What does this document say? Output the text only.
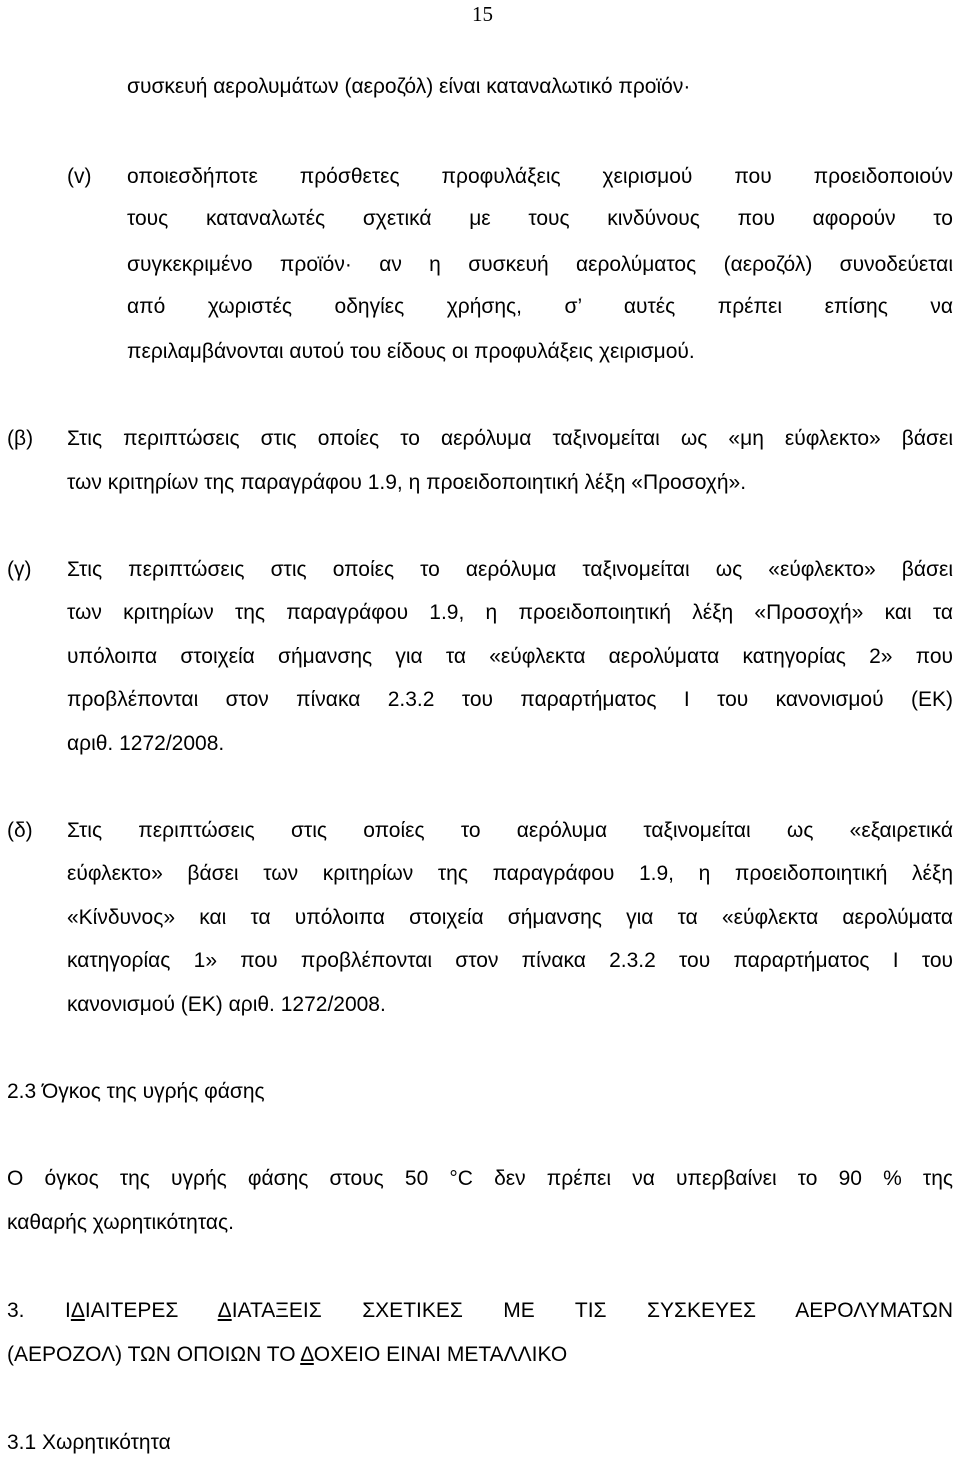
15
συσκευή αερολυμάτων (αεροζόλ) είναι καταναλωτικό προϊόν·
(v) οποιεσδήποτε πρόσθετες προφυλάξεις χειρισμού που προειδοποιούν
τους καταναλωτές σχετικά με τους κινδύνους που αφορούν το
συγκεκριμένο προϊόν· αν η συσκευή αερολύματος (αεροζόλ) συνοδεύεται
από χωριστές οδηγίες χρήσης, σ’ αυτές πρέπει επίσης να
περιλαμβάνονται αυτού του είδους οι προφυλάξεις χειρισμού.
(β) Στις περιπτώσεις στις οποίες το αερόλυμα ταξινομείται ως «μη εύφλεκτο» βάσει
των κριτηρίων της παραγράφου 1.9, η προειδοποιητική λέξη «Προσοχή».
(γ) Στις περιπτώσεις στις οποίες το αερόλυμα ταξινομείται ως «εύφλεκτο» βάσει
των κριτηρίων της παραγράφου 1.9, η προειδοποιητική λέξη «Προσοχή» και τα
υπόλοιπα στοιχεία σήμανσης για τα «εύφλεκτα αερολύματα κατηγορίας 2» που
προβλέπονται στον πίνακα 2.3.2 του παραρτήματος Ι του κανονισμού (ΕΚ)
αριθ. 1272/2008.
(δ) Στις περιπτώσεις στις οποίες το αερόλυμα ταξινομείται ως «εξαιρετικά
εύφλεκτο» βάσει των κριτηρίων της παραγράφου 1.9, η προειδοποιητική λέξη
«Κίνδυνος» και τα υπόλοιπα στοιχεία σήμανσης για τα «εύφλεκτα αερολύματα
κατηγορίας 1» που προβλέπονται στον πίνακα 2.3.2 του παραρτήματος Ι του
κανονισμού (ΕΚ) αριθ. 1272/2008.
2.3 Όγκος της υγρής φάσης
Ο όγκος της υγρής φάσης στους 50 °C δεν πρέπει να υπερβαίνει το 90 % της
καθαρής χωρητικότητας.
3. ΙΔΙΑΙΤΕΡΕΣ ΔΙΑΤΑΞΕΙΣ ΣΧΕΤΙΚΕΣ ΜΕ ΤΙΣ ΣΥΣΚΕΥΕΣ ΑΕΡΟΛΥΜΑΤΩΝ
(ΑΕΡΟΖΟΛ) ΤΩΝ ΟΠΟΙΩΝ ΤΟ ΔΟΧΕΙΟ ΕΙΝΑΙ ΜΕΤΑΛΛΙΚΟ
3.1 Χωρητικότητα
